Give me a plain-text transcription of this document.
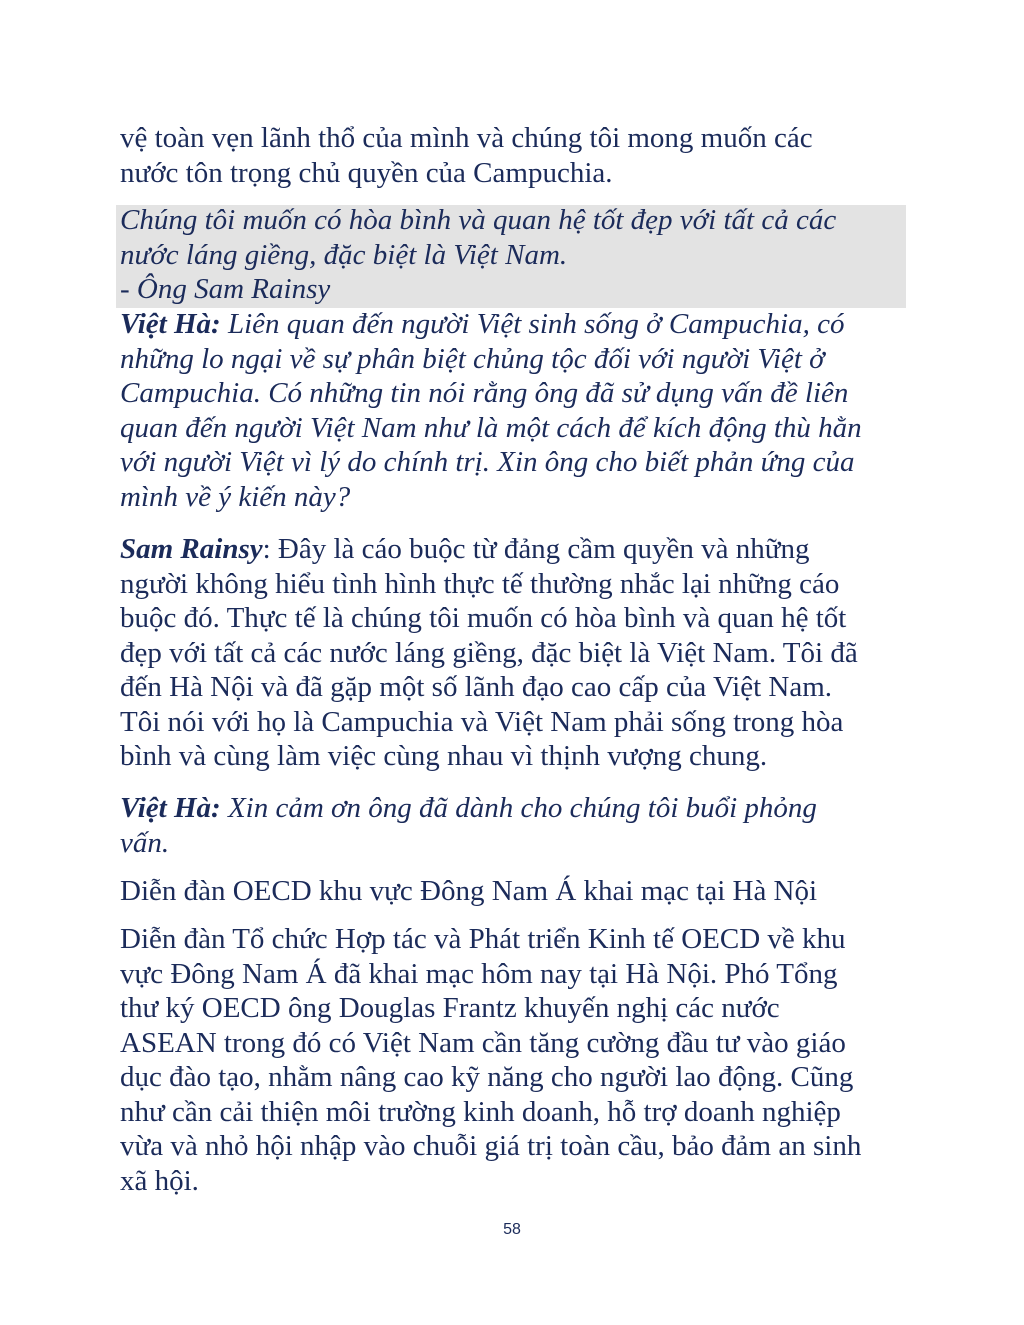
vệ toàn vẹn lãnh thổ của mình và chúng tôi mong muốn các
nước tôn trọng chủ quyền của Campuchia.

Chúng tôi muốn có hòa bình và quan hệ tốt đẹp với tất cả các
nước láng giềng, đặc biệt là Việt Nam.
- Ông Sam Rainsy

Việt Hà: Liên quan đến người Việt sinh sống ở Campuchia, có
những lo ngại về sự phân biệt chủng tộc đối với người Việt ở
Campuchia. Có những tin nói rằng ông đã sử dụng vấn đề liên
quan đến người Việt Nam như là một cách để kích động thù hằn
với người Việt vì lý do chính trị. Xin ông cho biết phản ứng của
mình về ý kiến này?

Sam Rainsy: Đây là cáo buộc từ đảng cầm quyền và những
người không hiểu tình hình thực tế thường nhắc lại những cáo
buộc đó. Thực tế là chúng tôi muốn có hòa bình và quan hệ tốt
đẹp với tất cả các nước láng giềng, đặc biệt là Việt Nam. Tôi đã
đến Hà Nội và đã gặp một số lãnh đạo cao cấp của Việt Nam.
Tôi nói với họ là Campuchia và Việt Nam phải sống trong hòa
bình và cùng làm việc cùng nhau vì thịnh vượng chung.

Việt Hà: Xin cảm ơn ông đã dành cho chúng tôi buổi phỏng
vấn.

Diễn đàn OECD khu vực Đông Nam Á khai mạc tại Hà Nội

Diễn đàn Tổ chức Hợp tác và Phát triển Kinh tế OECD về khu
vực Đông Nam Á đã khai mạc hôm nay tại Hà Nội. Phó Tổng
thư ký OECD ông Douglas Frantz khuyến nghị các nước
ASEAN trong đó có Việt Nam cần tăng cường đầu tư vào giáo
dục đào tạo, nhằm nâng cao kỹ năng cho người lao động. Cũng
như cần cải thiện môi trường kinh doanh, hỗ trợ doanh nghiệp
vừa và nhỏ hội nhập vào chuỗi giá trị toàn cầu, bảo đảm an sinh
xã hội.

58
